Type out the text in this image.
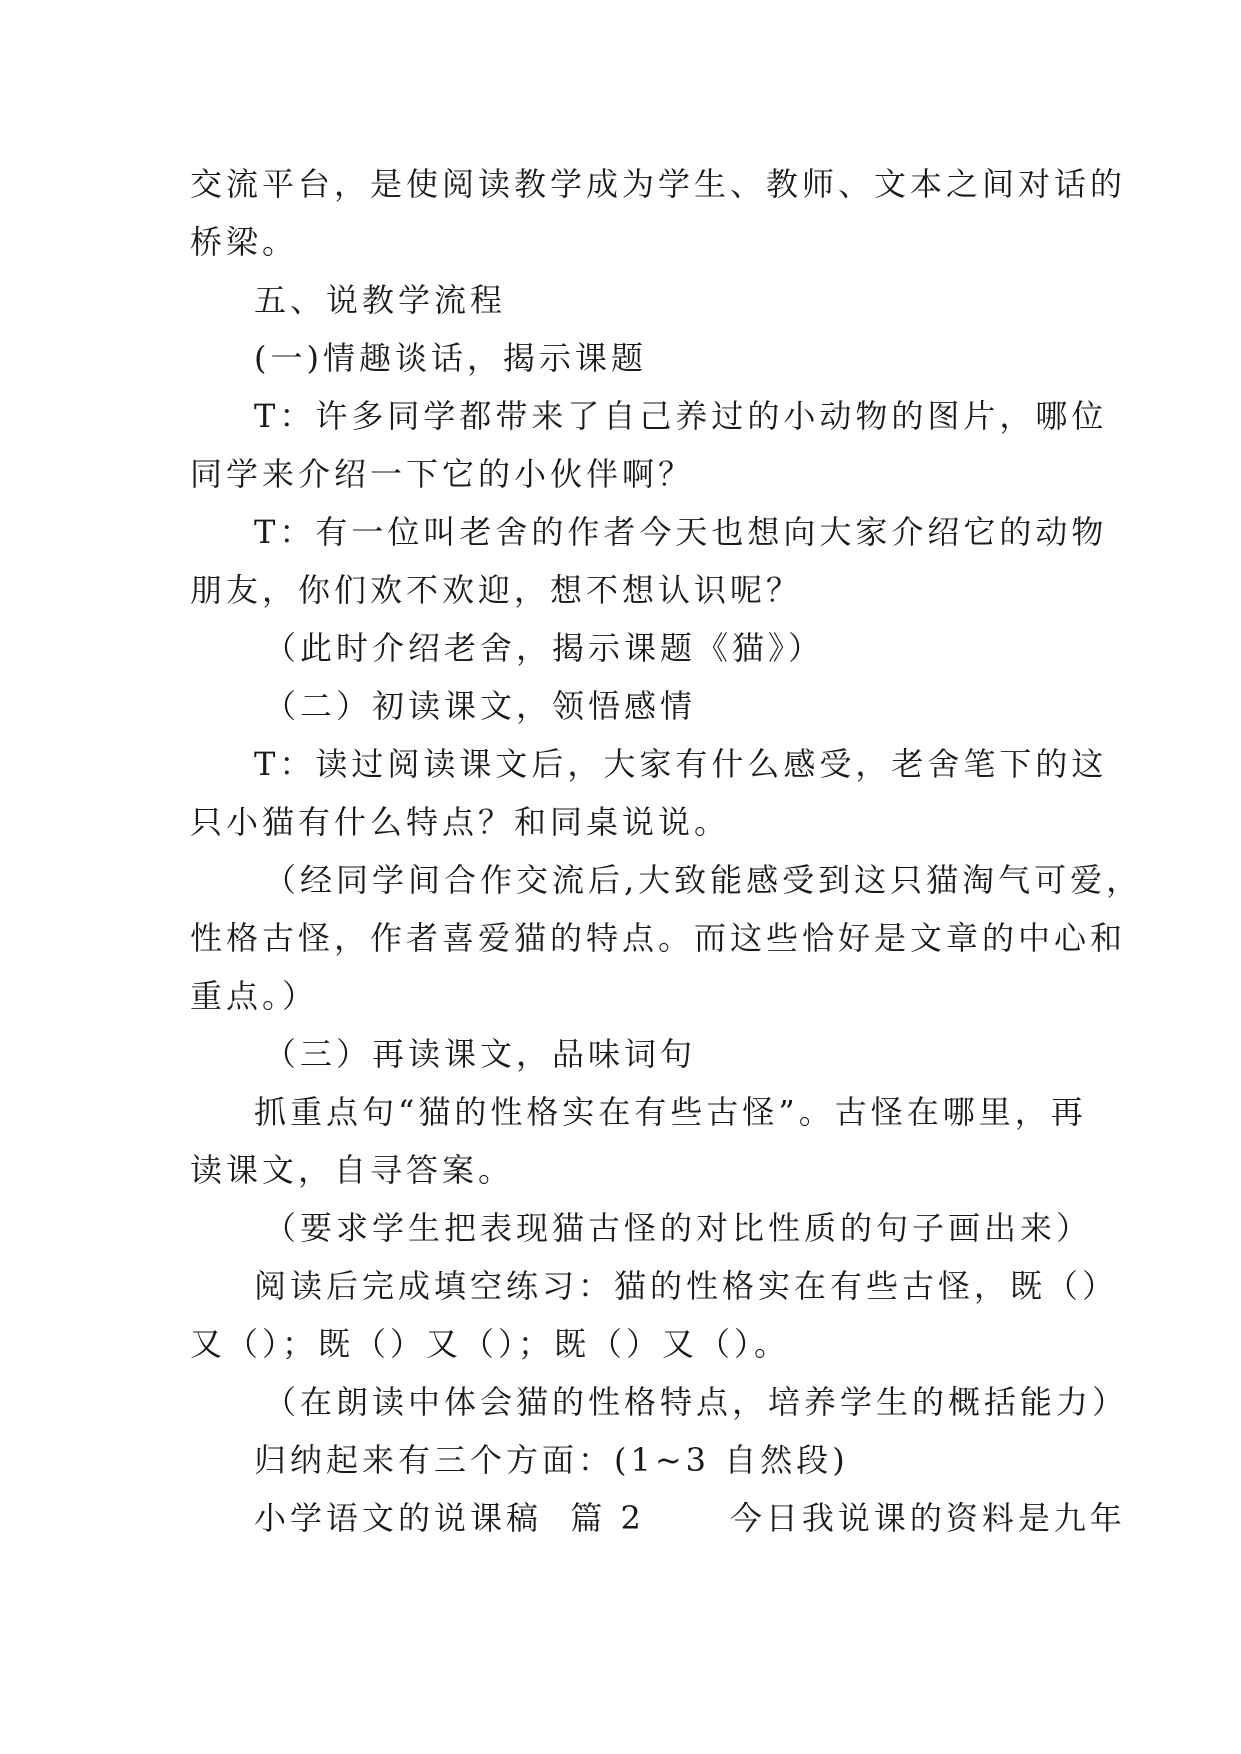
交流平台，是使阅读教学成为学生、教师、文本之间对话的
桥梁。
五、说教学流程
(一)情趣谈话，揭示课题
T：许多同学都带来了自己养过的小动物的图片，哪位
同学来介绍一下它的小伙伴啊？
T：有一位叫老舍的作者今天也想向大家介绍它的动物
朋友，你们欢不欢迎，想不想认识呢？
（此时介绍老舍，揭示课题《猫》）
（二）初读课文，领悟感情
T：读过阅读课文后，大家有什么感受，老舍笔下的这
只小猫有什么特点？和同桌说说。
（经同学间合作交流后,大致能感受到这只猫淘气可爱，
性格古怪，作者喜爱猫的特点。而这些恰好是文章的中心和
重点。）
（三）再读课文，品味词句
抓重点句“猫的性格实在有些古怪”。古怪在哪里，再
读课文，自寻答案。
（要求学生把表现猫古怪的对比性质的句子画出来）
阅读后完成填空练习：猫的性格实在有些古怪，既（）
又（）；既（）又（）；既（）又（）。
（在朗读中体会猫的性格特点，培养学生的概括能力）
归纳起来有三个方面：(1~3 自然段)
小学语文的说课稿  篇 2      今日我说课的资料是九年
